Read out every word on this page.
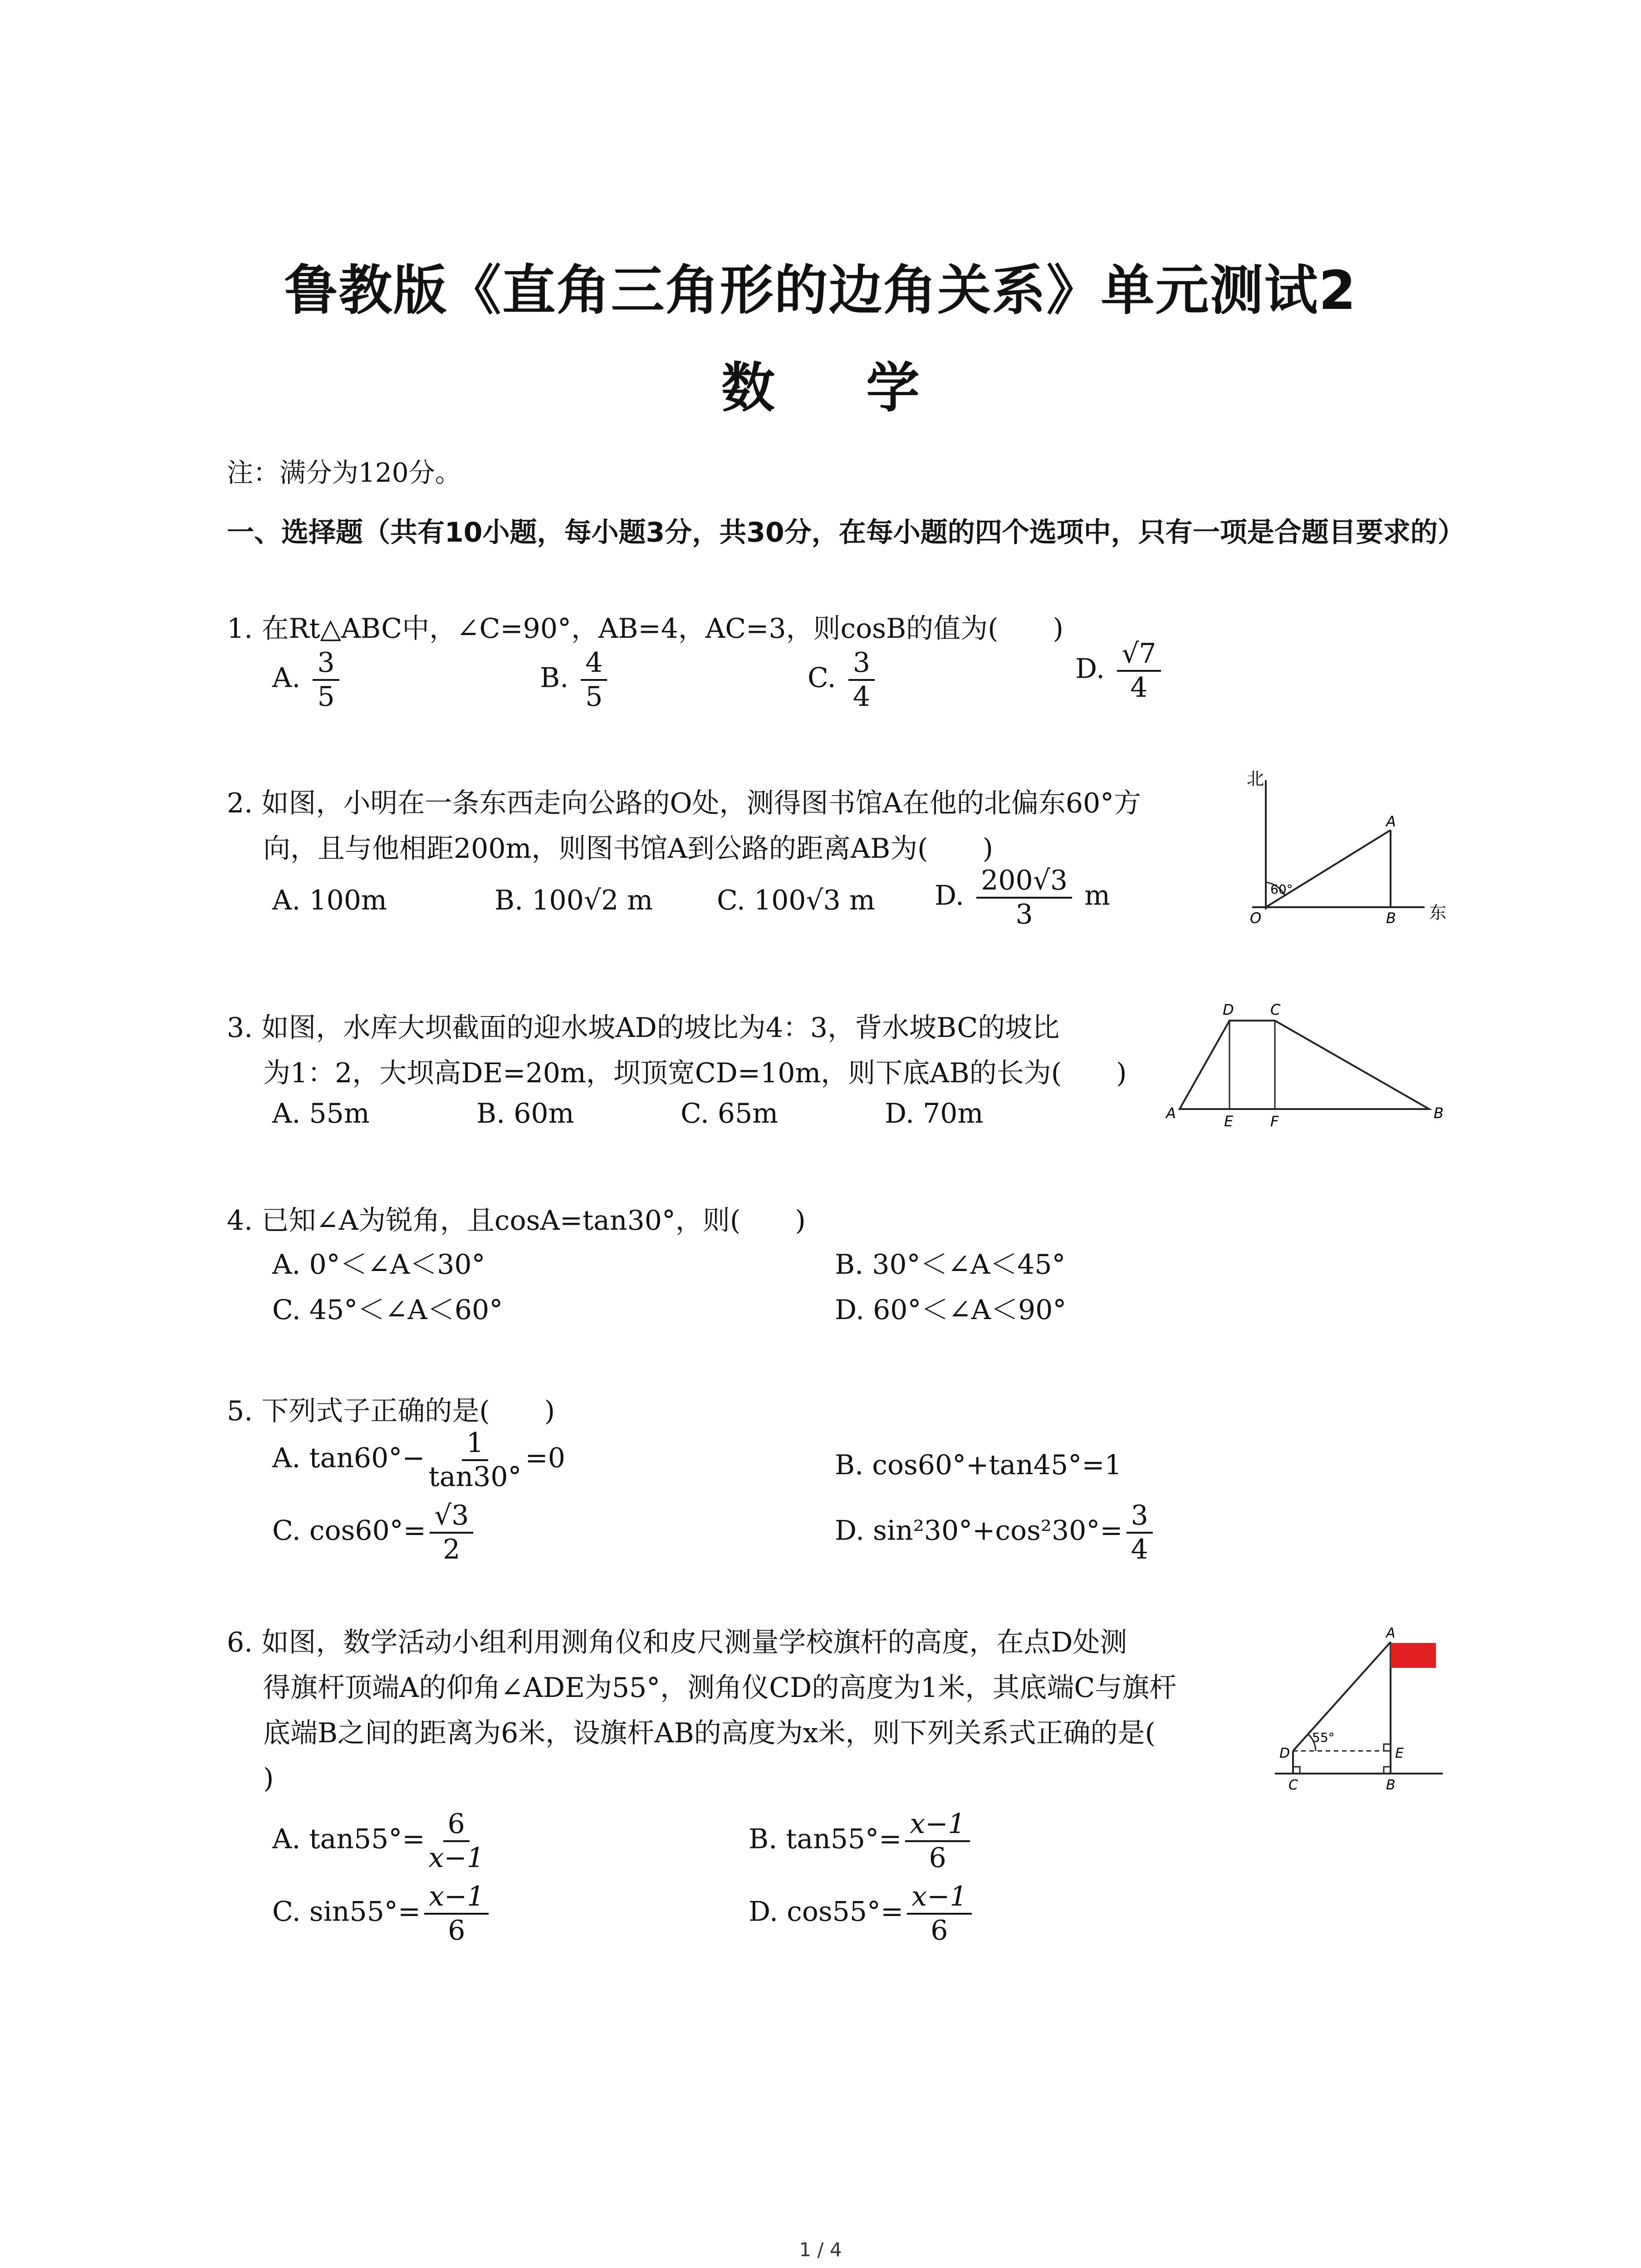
鲁教版《直角三角形的边角关系》单元测试2
数 学
注：满分为120分。
一、选择题（共有10小题，每小题3分，共30分，在每小题的四个选项中，只有一项是合题目要求的）
1. 在Rt△ABC中，∠C=90°，AB=4，AC=3，则cosB的值为(　　)
A. $\frac{3}{5}$	B. $\frac{4}{5}$	C. $\frac{3}{4}$	D. $\frac{√7}{4}$
2. 如图，小明在一条东西走向公路的O处，测得图书馆A在他的北偏东60°方
向，且与他相距200m，则图书馆A到公路的距离AB为(　　)
A. 100m	B. 100√2 m C. 100√3 m D. $\frac{200√3}{3}$ m
北
东
60°
O
A
B
3. 如图，水库大坝截面的迎水坡AD的坡比为4：3，背水坡BC的坡比
为1：2，大坝高DE=20m，坝顶宽CD=10m，则下底AB的长为(　　)
A. 55m	B. 60m	C. 65m	D. 70m	A	B
C
D
E	F
4. 已知∠A为锐角，且cosA=tan30°，则(　　)
A. 0°＜∠A＜30°	B. 30°＜∠A＜45°
C. 45°＜∠A＜60°	D. 60°＜∠A＜90°
5. 下列式子正确的是(　　)
A. $\tan 60^\circ- \frac{1}{\tan 30^\circ} =0$	B. cos60°+tan45°=1
C. $\cos 60^\circ= \frac{√3}{2}$	D. $\sin^230^\circ+\cos^230^\circ= \frac{3}{4}$
6. 如图，数学活动小组利用测角仪和皮尺测量学校旗杆的高度，在点D处测
得旗杆顶端A的仰角∠ADE为55°，测角仪CD的高度为1米，其底端C与旗杆
底端B之间的距离为6米，设旗杆AB的高度为x米，则下列关系式正确的是(
)
A. $\tan 55^\circ= \frac{6}{x-1}$	B. $\tan 55^\circ= \frac{x-1}{6}$
C. $\sin 55^\circ= \frac{x-1}{6}$	D. $\cos 55^\circ= \frac{x-1}{6}$
55°
A
B
C
D	E
1 / 4
